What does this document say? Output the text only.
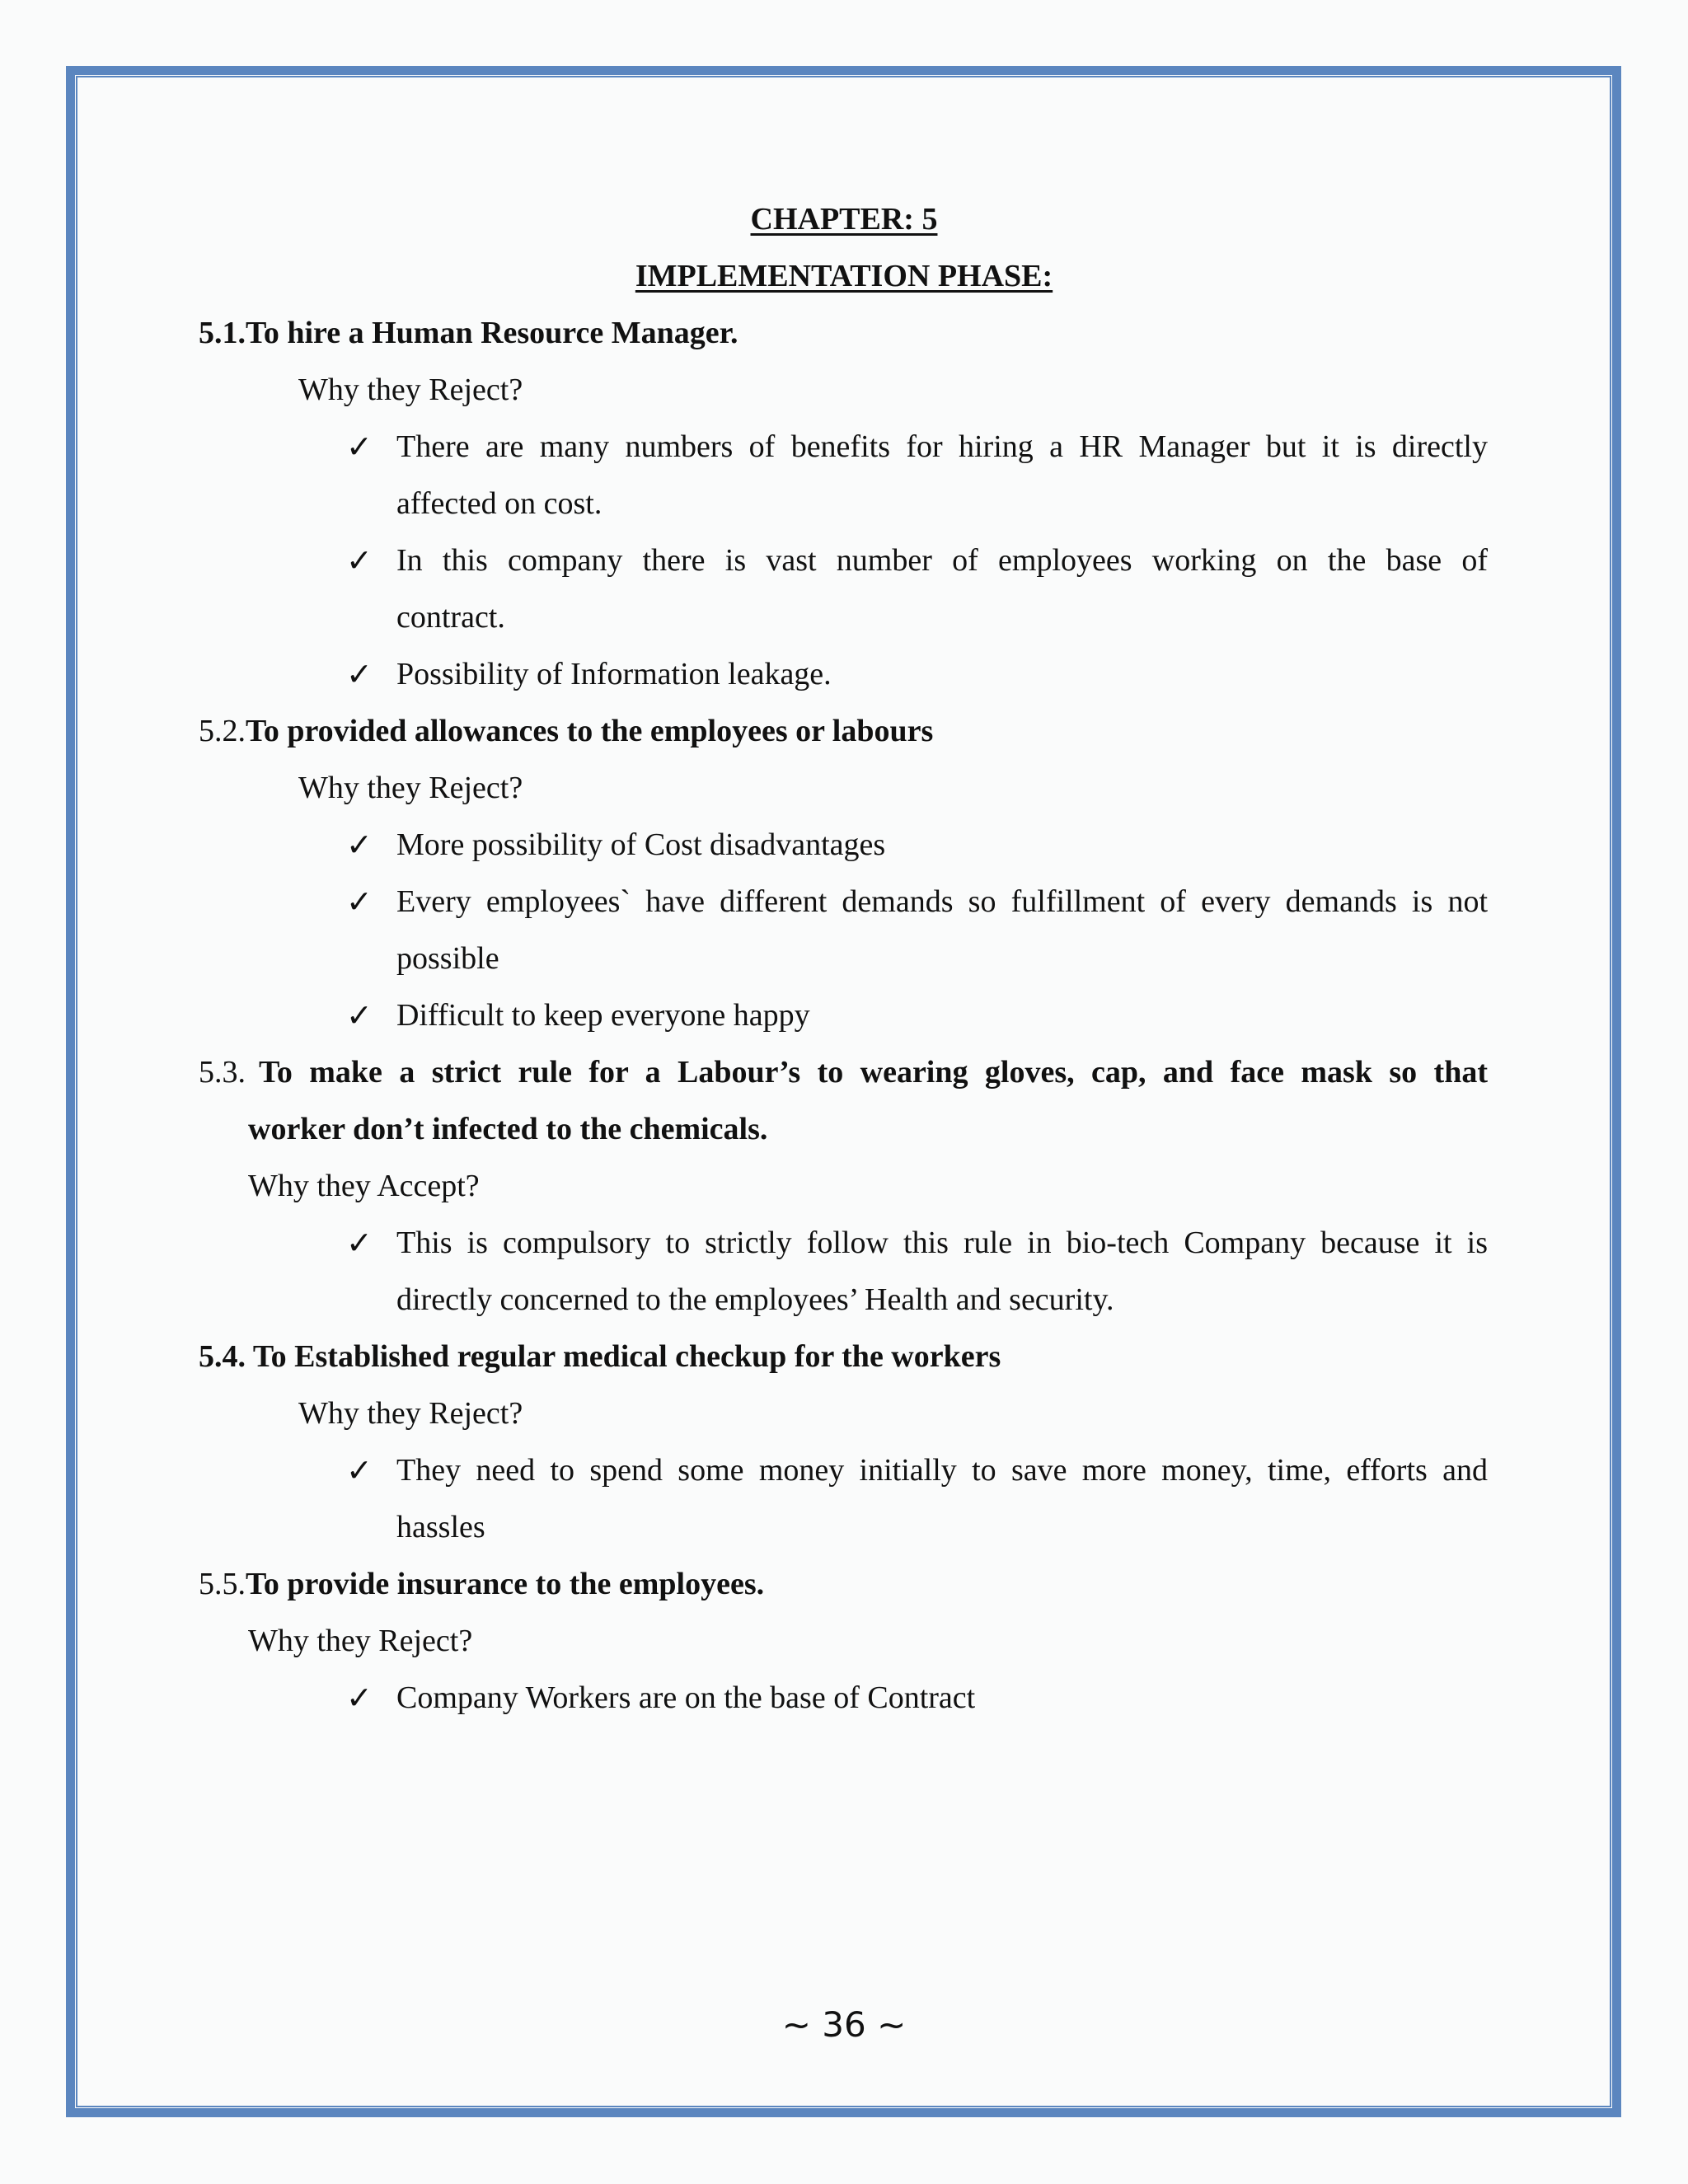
CHAPTER: 5
IMPLEMENTATION PHASE:
5.1.To hire a Human Resource Manager.
Why they Reject?
✓ There are many numbers of benefits for hiring a HR Manager but it is directly
affected on cost.
✓ In this company there is vast number of employees working on the base of
contract.
✓ Possibility of Information leakage.
5.2.To provided allowances to the employees or labours
Why they Reject?
✓ More possibility of Cost disadvantages
✓ Every employees` have different demands so fulfillment of every demands is not
possible
✓ Difficult to keep everyone happy
5.3. To make a strict rule for a Labour’s to wearing gloves, cap, and face mask so that
worker don’t infected to the chemicals.
Why they Accept?
✓ This is compulsory to strictly follow this rule in bio-tech Company because it is
directly concerned to the employees’ Health and security.
5.4. To Established regular medical checkup for the workers
Why they Reject?
✓ They need to spend some money initially to save more money, time, efforts and
hassles
5.5.To provide insurance to the employees.
Why they Reject?
✓ Company Workers are on the base of Contract
~ 36 ~
